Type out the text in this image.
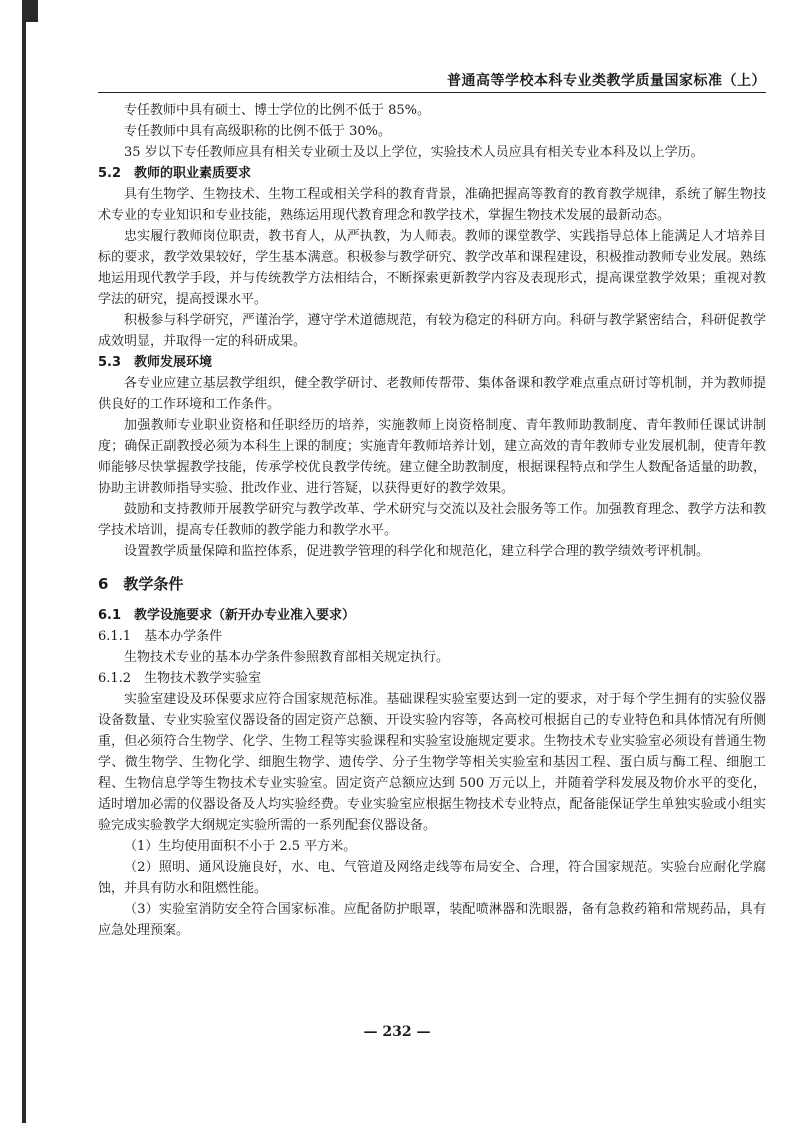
普通高等学校本科专业类教学质量国家标准（上）

专任教师中具有硕士、博士学位的比例不低于 85%。

专任教师中具有高级职称的比例不低于 30%。

35 岁以下专任教师应具有相关专业硕士及以上学位，实验技术人员应具有相关专业本科及以上学历。

5.2　教师的职业素质要求

具有生物学、生物技术、生物工程或相关学科的教育背景，准确把握高等教育的教育教学规律，系统了解生物技术专业的专业知识和专业技能，熟练运用现代教育理念和教学技术，掌握生物技术发展的最新动态。

忠实履行教师岗位职责，教书育人，从严执教，为人师表。教师的课堂教学、实践指导总体上能满足人才培养目标的要求，教学效果较好，学生基本满意。积极参与教学研究、教学改革和课程建设，积极推动教师专业发展。熟练地运用现代教学手段，并与传统教学方法相结合，不断探索更新教学内容及表现形式，提高课堂教学效果；重视对教学法的研究，提高授课水平。

积极参与科学研究，严谨治学，遵守学术道德规范，有较为稳定的科研方向。科研与教学紧密结合，科研促教学成效明显，并取得一定的科研成果。

5.3　教师发展环境

各专业应建立基层教学组织，健全教学研讨、老教师传帮带、集体备课和教学难点重点研讨等机制，并为教师提供良好的工作环境和工作条件。

加强教师专业职业资格和任职经历的培养，实施教师上岗资格制度、青年教师助教制度、青年教师任课试讲制度；确保正副教授必须为本科生上课的制度；实施青年教师培养计划，建立高效的青年教师专业发展机制，使青年教师能够尽快掌握教学技能，传承学校优良教学传统。建立健全助教制度，根据课程特点和学生人数配备适量的助教，协助主讲教师指导实验、批改作业、进行答疑，以获得更好的教学效果。

鼓励和支持教师开展教学研究与教学改革、学术研究与交流以及社会服务等工作。加强教育理念、教学方法和教学技术培训，提高专任教师的教学能力和教学水平。

设置教学质量保障和监控体系，促进教学管理的科学化和规范化，建立科学合理的教学绩效考评机制。

6　教学条件

6.1　教学设施要求（新开办专业准入要求）

6.1.1　基本办学条件

生物技术专业的基本办学条件参照教育部相关规定执行。

6.1.2　生物技术教学实验室

实验室建设及环保要求应符合国家规范标准。基础课程实验室要达到一定的要求，对于每个学生拥有的实验仪器设备数量、专业实验室仪器设备的固定资产总额、开设实验内容等，各高校可根据自己的专业特色和具体情况有所侧重，但必须符合生物学、化学、生物工程等实验课程和实验室设施规定要求。生物技术专业实验室必须设有普通生物学、微生物学、生物化学、细胞生物学、遗传学、分子生物学等相关实验室和基因工程、蛋白质与酶工程、细胞工程、生物信息学等生物技术专业实验室。固定资产总额应达到 500 万元以上，并随着学科发展及物价水平的变化，适时增加必需的仪器设备及人均实验经费。专业实验室应根据生物技术专业特点，配备能保证学生单独实验或小组实验完成实验教学大纲规定实验所需的一系列配套仪器设备。

（1）生均使用面积不小于 2.5 平方米。

（2）照明、通风设施良好，水、电、气管道及网络走线等布局安全、合理，符合国家规范。实验台应耐化学腐蚀，并具有防水和阻燃性能。

（3）实验室消防安全符合国家标准。应配备防护眼罩，装配喷淋器和洗眼器，备有急救药箱和常规药品，具有应急处理预案。

— 232 —
